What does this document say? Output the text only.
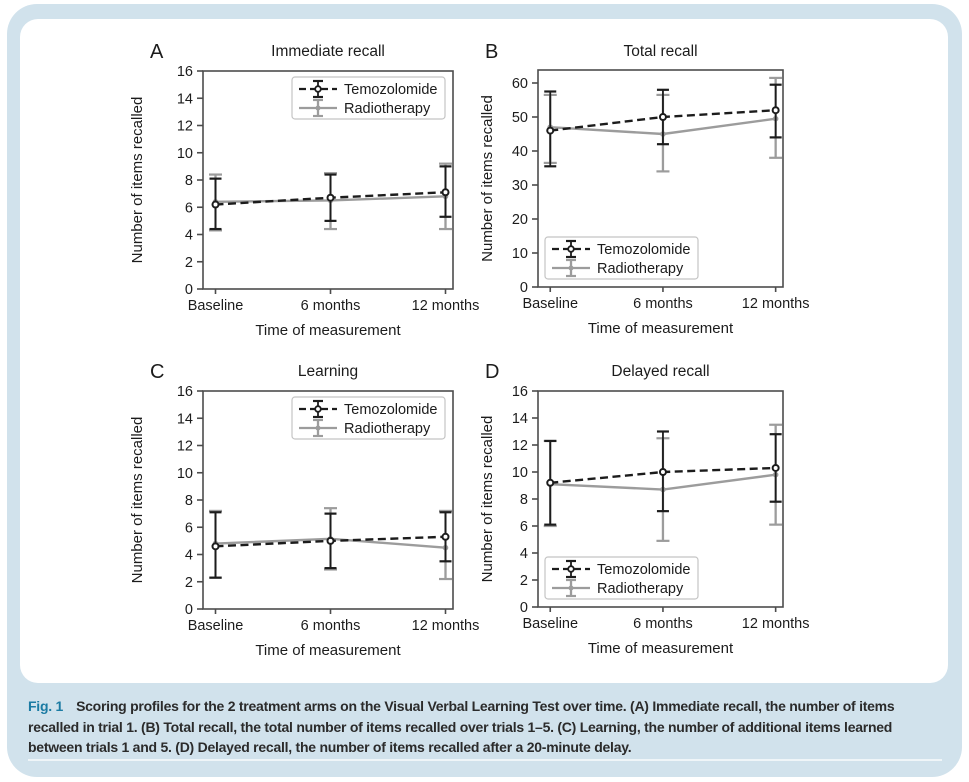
A	Immediate recall
0
2
4
6
8
10
12
14
16
Baseline	6 months	12 months
Time of measurement
Number of items recalled
Temozolomide
Radiotherapy
B	Total recall
0
10
20
30
40
50
60
Baseline	6 months	12 months
Time of measurement
Number of items recalled	Temozolomide
Radiotherapy
C	Learning
0
2
4
6
8
10
12
14
16
Baseline	6 months	12 months
Time of measurement
Number of items recalled
Temozolomide
Radiotherapy
D	Delayed recall
0
2
4
6
8
10
12
14
16
Baseline	6 months	12 months
Time of measurement
Number of items recalled	Temozolomide
Radiotherapy
Fig. 1 Scoring profiles for the 2 treatment arms on the Visual Verbal Learning Test over time. (A) Immediate recall, the number of items recalled in trial 1. (B) Total recall, the total number of items recalled over trials 1–5. (C) Learning, the number of additional items learned between trials 1 and 5. (D) Delayed recall, the number of items recalled after a 20-minute delay.
